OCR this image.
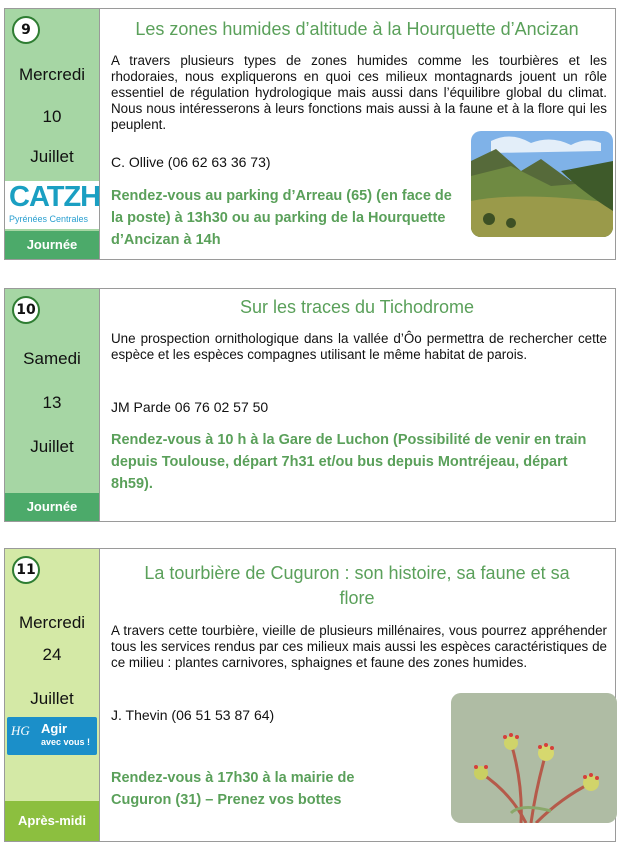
9
Mercredi
10
Juillet
CATZH
Pyrénées Centrales
Journée
Les zones humides d’altitude à la Hourquette d’Ancizan
A travers plusieurs types de zones humides comme les tourbières et les rhodoraies, nous expliquerons en quoi ces milieux montagnards jouent un rôle essentiel de régulation hydrologique mais aussi dans l’équilibre global du climat. Nous nous intéresserons à leurs fonctions mais aussi à la faune et à la flore qui les peuplent.
C. Ollive (06 62 63 36 73)
Rendez-vous au parking d’Arreau (65) (en face de la poste) à 13h30 ou au parking de la Hourquette d’Ancizan à 14h
10
Samedi
13
Juillet
Journée
Sur les traces du Tichodrome
Une prospection ornithologique dans la vallée d’Ôo permettra de rechercher cette espèce et les espèces compagnes utilisant le même habitat de parois.
JM Parde 06 76 02 57 50
Rendez-vous à 10 h à la Gare de Luchon (Possibilité de venir en train depuis Toulouse, départ 7h31 et/ou bus depuis Montréjeau, départ 8h59).
11
Mercredi
24
Juillet
HG Agir
avec vous !
Après-midi
La tourbière de Cuguron : son histoire, sa faune et sa flore
A travers cette tourbière, vieille de plusieurs millénaires, vous pourrez appréhender tous les services rendus par ces milieux mais aussi les espèces caractéristiques de ce milieu : plantes carnivores, sphaignes et faune des zones humides.
J. Thevin (06 51 53 87 64)
Rendez-vous à 17h30 à la mairie de Cuguron (31) – Prenez vos bottes
